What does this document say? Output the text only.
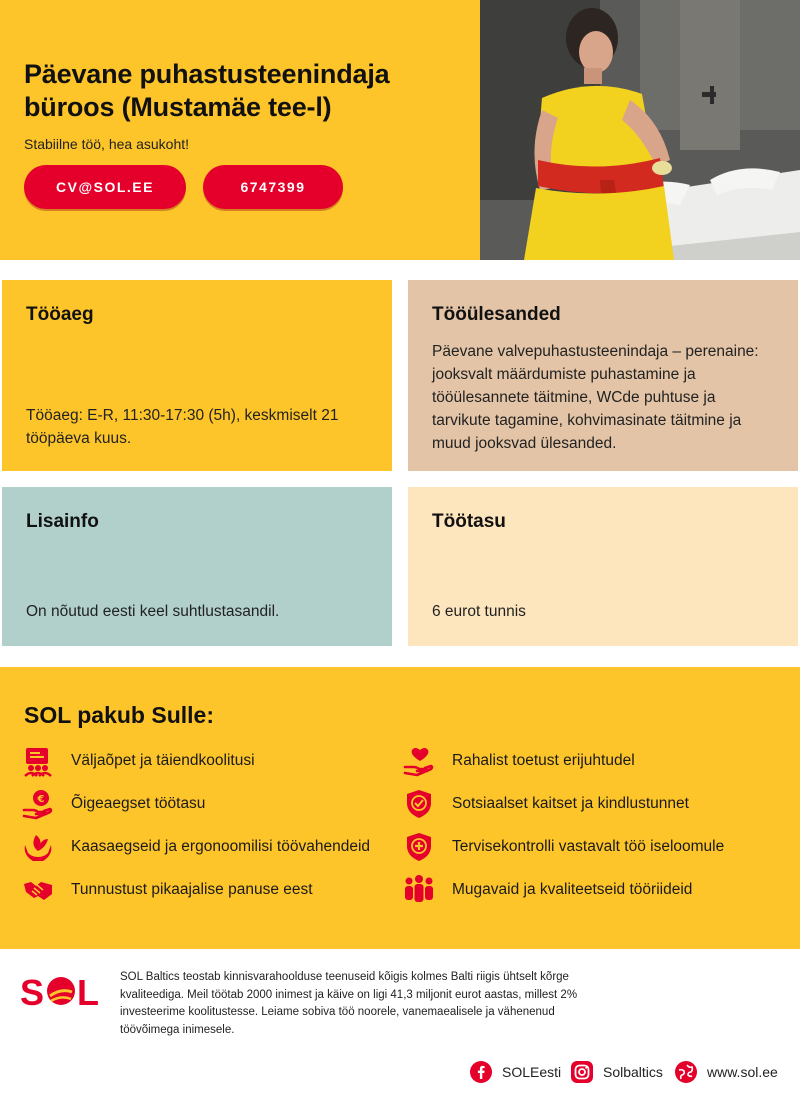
Päevane puhastusteenindaja
büroos (Mustamäe tee-l)
Stabiilne töö, hea asukoht!
CV@SOL.EE	6747399
Tööaeg

Tööaeg: E-R, 11:30-17:30 (5h), keskmiselt 21 tööpäeva kuus.

Tööülesanded

Päevane valvepuhastusteenindaja – perenaine: jooksvalt määrdumiste puhastamine ja tööülesannete täitmine, WCde puhtuse ja tarvikute tagamine, kohvimasinate täitmine ja muud jooksvad ülesanded.

Lisainfo

On nõutud eesti keel suhtlustasandil.

Töötasu

6 eurot tunnis

SOL pakub Sulle:
Väljaõpet ja täiendkoolitusi
€ Õigeaegset töötasu
Kaasaegseid ja ergonoomilisi töövahendeid
Tunnustust pikaajalise panuse eest
Rahalist toetust erijuhtudel
Sotsiaalset kaitset ja kindlustunnet
Tervisekontrolli vastavalt töö iseloomule
Mugavaid ja kvaliteetseid tööriideid
S L SOL Baltics teostab kinnisvarahoolduse teenuseid kõigis kolmes Balti riigis ühtselt kõrge kvaliteediga. Meil töötab 2000 inimest ja käive on ligi 41,3 miljonit eurot aastas, millest 2% investeerime koolitustesse. Leiame sobiva töö noorele, vanemaealisele ja vähenenud töövõimega inimesele.
SOLEesti	Solbaltics	www.sol.ee
